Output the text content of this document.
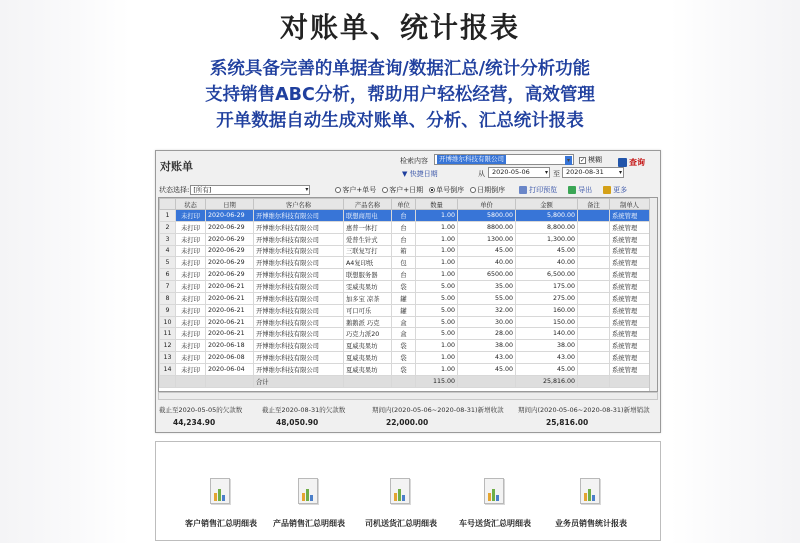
对账单、统计报表
系统具备完善的单据查询/数据汇总/统计分析功能
支持销售ABC分析，帮助用户轻松经营，高效管理
开单数据自动生成对账单、分析、汇总统计报表
对账单	检索内容	开博维尔科技有限公司	▾	✓ 模糊	查询
▼ 快捷日期	从	2020-05-06	▾ 至 2020-08-31	▾
状态选择: [所有]	▾	客户+单号 客户+日期 单号倒序 日期倒序	打印预览	导出	更多
	状态	日期	客户名称	产品名称	单位	数量	单价	金额	备注	制单人
1	未打印	2020-06-29	开博维尔科技有限公司	联想商用电	台	1.00	5800.00	5,800.00		系统管理
2	未打印	2020-06-29	开博维尔科技有限公司	惠普一体打	台	1.00	8800.00	8,800.00		系统管理
3	未打印	2020-06-29	开博维尔科技有限公司	爱普生针式	台	1.00	1300.00	1,300.00		系统管理
4	未打印	2020-06-29	开博维尔科技有限公司	三联复写打	箱	1.00	45.00	45.00		系统管理
5	未打印	2020-06-29	开博维尔科技有限公司	A4复印纸	包	1.00	40.00	40.00		系统管理
6	未打印	2020-06-29	开博维尔科技有限公司	联想服务器	台	1.00	6500.00	6,500.00		系统管理
7	未打印	2020-06-21	开博维尔科技有限公司	雯威夷果坊	袋	5.00	35.00	175.00		系统管理
8	未打印	2020-06-21	开博维尔科技有限公司	加多宝 凉茶	罐	5.00	55.00	275.00		系统管理
9	未打印	2020-06-21	开博维尔科技有限公司	可口可乐	罐	5.00	32.00	160.00		系统管理
10	未打印	2020-06-21	开博维尔科技有限公司	鹅鹅派 巧克	盒	5.00	30.00	150.00		系统管理
11	未打印	2020-06-21	开博维尔科技有限公司	巧克力派20	盒	5.00	28.00	140.00		系统管理
12	未打印	2020-06-18	开博维尔科技有限公司	夏威夷果坊	袋	1.00	38.00	38.00		系统管理
13	未打印	2020-06-08	开博维尔科技有限公司	夏威夷果坊	袋	1.00	43.00	43.00		系统管理
14	未打印	2020-06-04	开博维尔科技有限公司	夏威夷果坊	袋	1.00	45.00	45.00		系统管理
			合计			115.00		25,816.00		
截止至2020-05-05的欠款数
44,234.90
截止至2020-08-31的欠款数
48,050.90
期间内(2020-05-06~2020-08-31)新增收款
22,000.00
期间内(2020-05-06~2020-08-31)新增销款
25,816.00
客户销售汇总明细表	产品销售汇总明细表	司机送货汇总明细表	车号送货汇总明细表	业务员销售统计报表
